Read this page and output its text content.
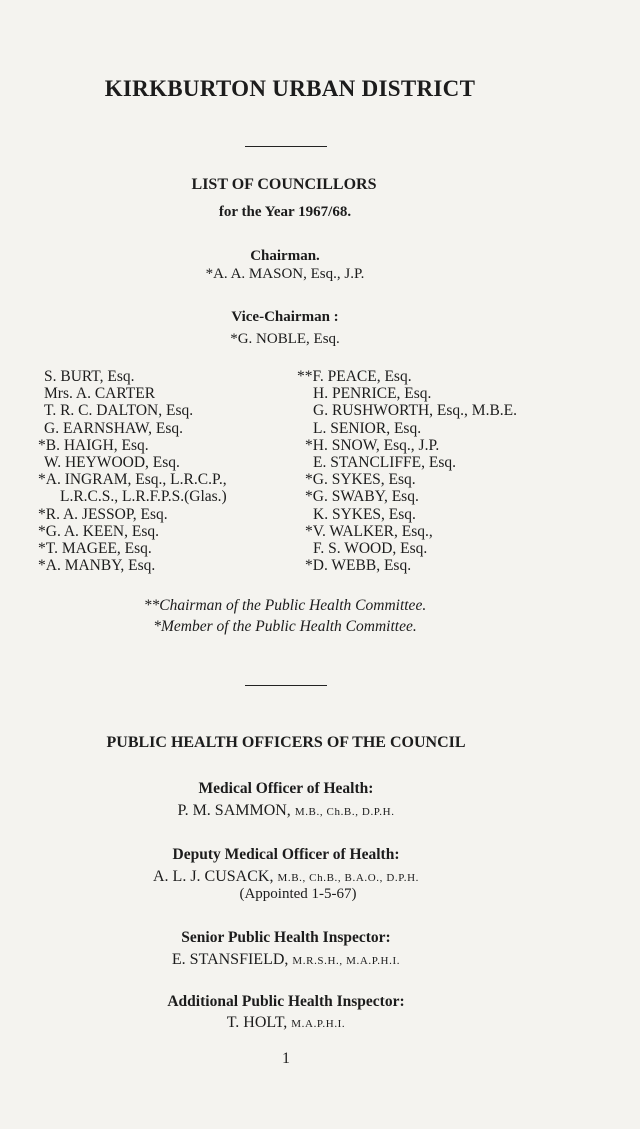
KIRKBURTON URBAN DISTRICT
LIST OF COUNCILLORS
for the Year 1967/68.
Chairman.
*A. A. MASON, Esq., J.P.
Vice-Chairman :
*G. NOBLE, Esq.
S. BURT, Esq.
Mrs. A. CARTER
T. R. C. DALTON, Esq.
G. EARNSHAW, Esq.
*B. HAIGH, Esq.
W. HEYWOOD, Esq.
*A. INGRAM, Esq., L.R.C.P.,
L.R.C.S., L.R.F.P.S.(Glas.)
*R. A. JESSOP, Esq.
*G. A. KEEN, Esq.
*T. MAGEE, Esq.
*A. MANBY, Esq.
**F. PEACE, Esq.
H. PENRICE, Esq.
G. RUSHWORTH, Esq., M.B.E.
L. SENIOR, Esq.
*H. SNOW, Esq., J.P.
E. STANCLIFFE, Esq.
*G. SYKES, Esq.
*G. SWABY, Esq.
K. SYKES, Esq.
*V. WALKER, Esq.,
F. S. WOOD, Esq.
*D. WEBB, Esq.
**Chairman of the Public Health Committee.
*Member of the Public Health Committee.
PUBLIC HEALTH OFFICERS OF THE COUNCIL
Medical Officer of Health:
P. M. SAMMON, M.B., Ch.B., D.P.H.
Deputy Medical Officer of Health:
A. L. J. CUSACK, M.B., Ch.B., B.A.O., D.P.H.
(Appointed 1-5-67)
Senior Public Health Inspector:
E. STANSFIELD, M.R.S.H., M.A.P.H.I.
Additional Public Health Inspector:
T. HOLT, M.A.P.H.I.
1
